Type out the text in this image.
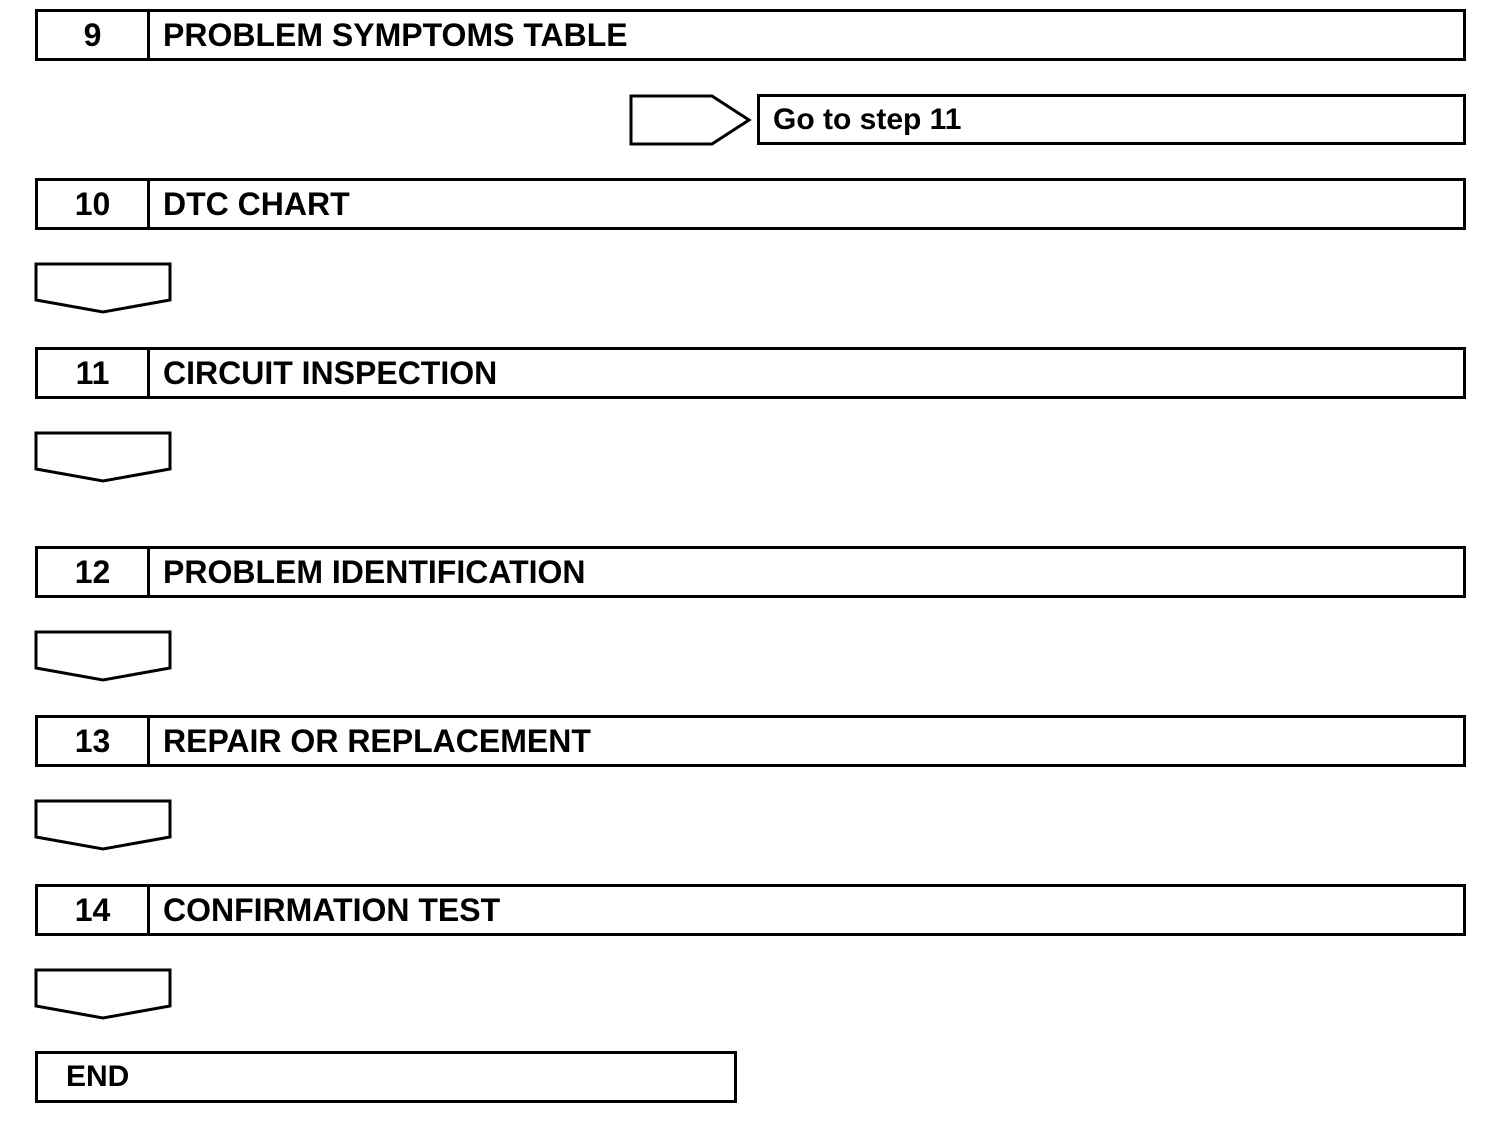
9	PROBLEM SYMPTOMS TABLE
Go to step 11
10	DTC CHART
11	CIRCUIT INSPECTION
12	PROBLEM IDENTIFICATION
13	REPAIR OR REPLACEMENT
14	CONFIRMATION TEST
END
